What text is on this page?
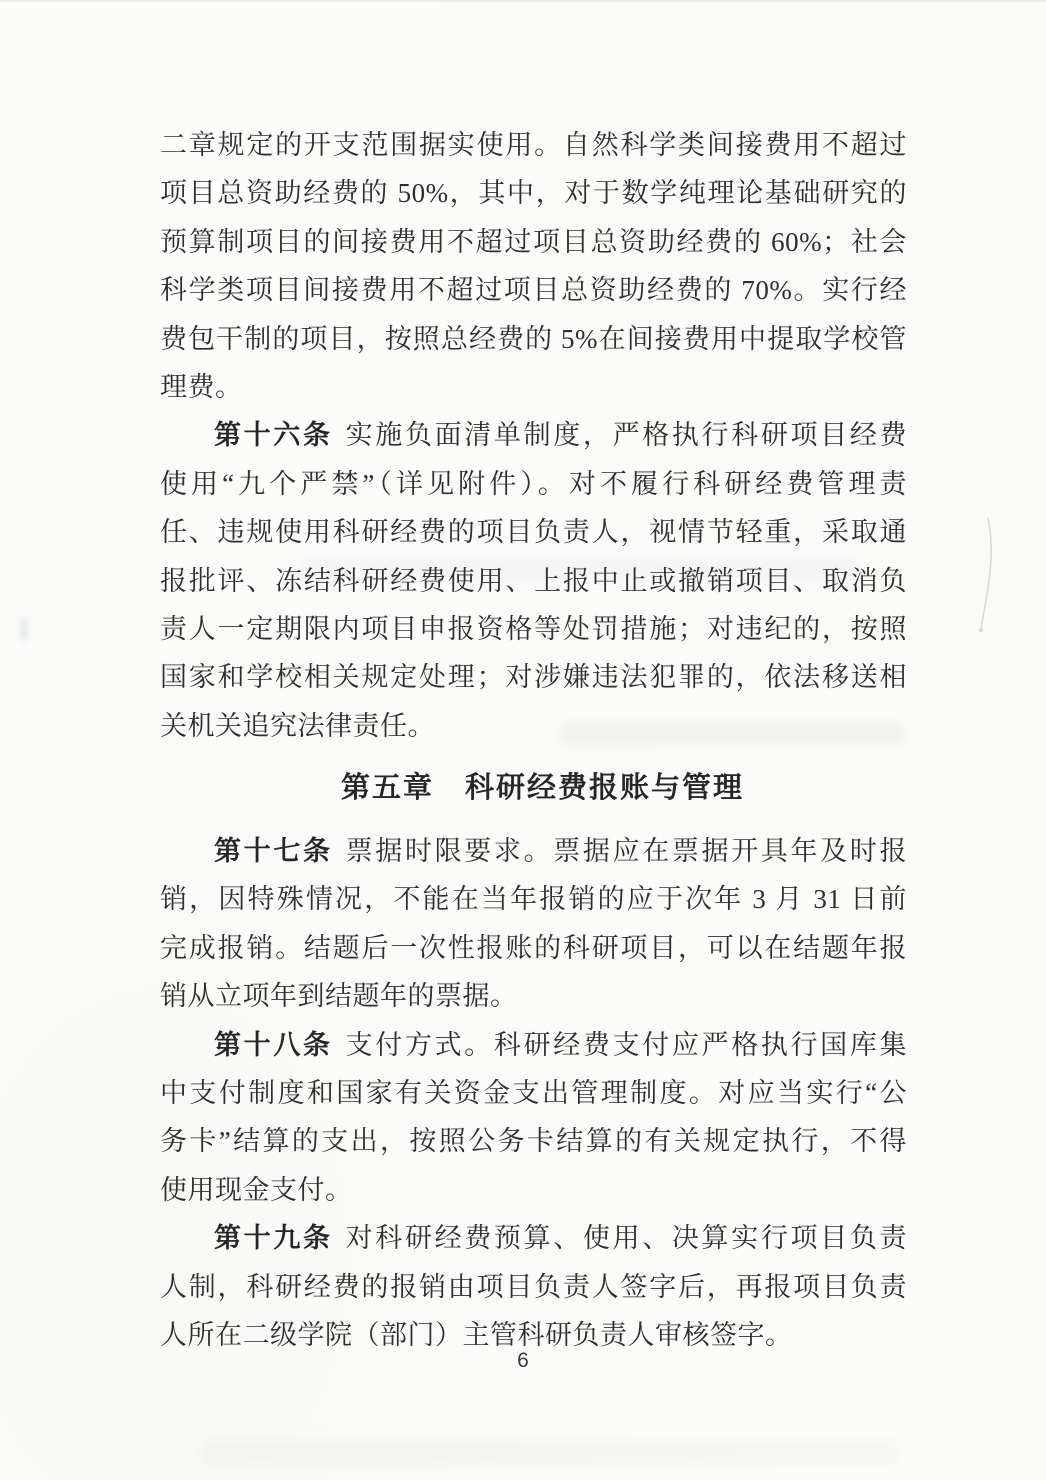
二章规定的开支范围据实使用。自然科学类间接费用不超过
项目总资助经费的 50%，其中，对于数学纯理论基础研究的
预算制项目的间接费用不超过项目总资助经费的 60%；社会
科学类项目间接费用不超过项目总资助经费的 70%。实行经
费包干制的项目，按照总经费的 5%在间接费用中提取学校管
理费。
第十六条 实施负面清单制度，严格执行科研项目经费
使用“九个严禁”（详见附件）。对不履行科研经费管理责
任、违规使用科研经费的项目负责人，视情节轻重，采取通
报批评、冻结科研经费使用、上报中止或撤销项目、取消负
责人一定期限内项目申报资格等处罚措施；对违纪的，按照
国家和学校相关规定处理；对涉嫌违法犯罪的，依法移送相
关机关追究法律责任。
第五章　科研经费报账与管理
第十七条 票据时限要求。票据应在票据开具年及时报
销，因特殊情况，不能在当年报销的应于次年 3 月 31 日前
完成报销。结题后一次性报账的科研项目，可以在结题年报
销从立项年到结题年的票据。
第十八条 支付方式。科研经费支付应严格执行国库集
中支付制度和国家有关资金支出管理制度。对应当实行“公
务卡”结算的支出，按照公务卡结算的有关规定执行，不得
使用现金支付。
第十九条 对科研经费预算、使用、决算实行项目负责
人制，科研经费的报销由项目负责人签字后，再报项目负责
人所在二级学院（部门）主管科研负责人审核签字。
6
